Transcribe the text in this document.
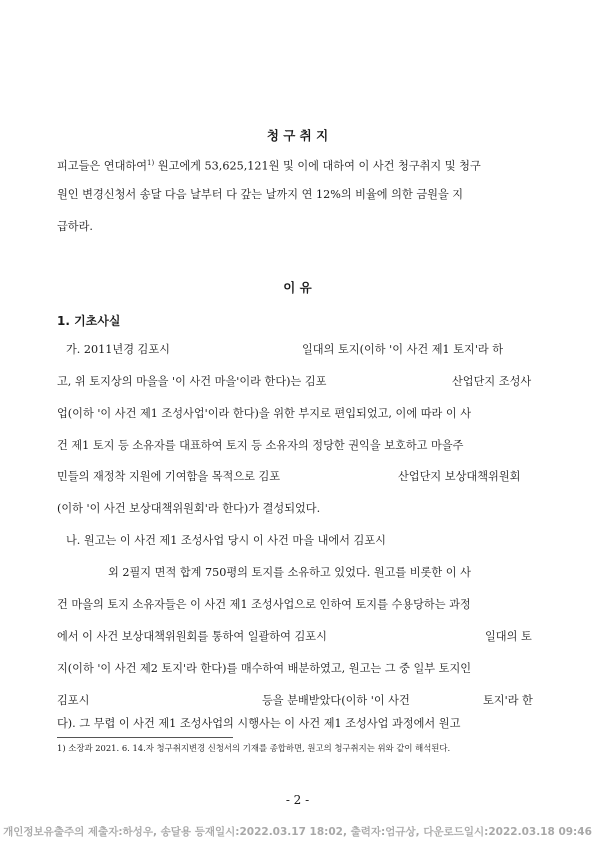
청 구 취 지
피고들은 연대하여$^{1)}$ 원고에게 53,625,121원 및 이에 대하여 이 사건 청구취지 및 청구
원인 변경신청서 송달 다음 날부터 다 갚는 날까지 연 12%의 비율에 의한 금원을 지
급하라.
이 유
1. 기초사실
가. 2011년경 김포시	일대의 토지(이하 '이 사건 제1 토지'라 하
고, 위 토지상의 마을을 '이 사건 마을'이라 한다)는 김포	산업단지 조성사
업(이하 '이 사건 제1 조성사업'이라 한다)을 위한 부지로 편입되었고, 이에 따라 이 사
건 제1 토지 등 소유자를 대표하여 토지 등 소유자의 정당한 권익을 보호하고 마을주
민들의 재정착 지원에 기여함을 목적으로 김포	산업단지 보상대책위원회
(이하 '이 사건 보상대책위원회'라 한다)가 결성되었다.
나. 원고는 이 사건 제1 조성사업 당시 이 사건 마을 내에서 김포시
외 2필지 면적 합계 750평의 토지를 소유하고 있었다. 원고를 비롯한 이 사
건 마을의 토지 소유자들은 이 사건 제1 조성사업으로 인하여 토지를 수용당하는 과정
에서 이 사건 보상대책위원회를 통하여 일괄하여 김포시	일대의 토
지(이하 '이 사건 제2 토지'라 한다)를 매수하여 배분하였고, 원고는 그 중 일부 토지인
김포시	등을 분배받았다(이하 '이 사건	토지'라 한
다). 그 무렵 이 사건 제1 조성사업의 시행사는 이 사건 제1 조성사업 과정에서 원고
1) 소장과 2021. 6. 14.자 청구취지변경 신청서의 기재를 종합하면, 원고의 청구취지는 위와 같이 해석된다.
- 2 -
개인정보유출주의 제출자:하성우, 송달용 등재일시:2022.03.17 18:02, 출력자:엄규상, 다운로드일시:2022.03.18 09:46
